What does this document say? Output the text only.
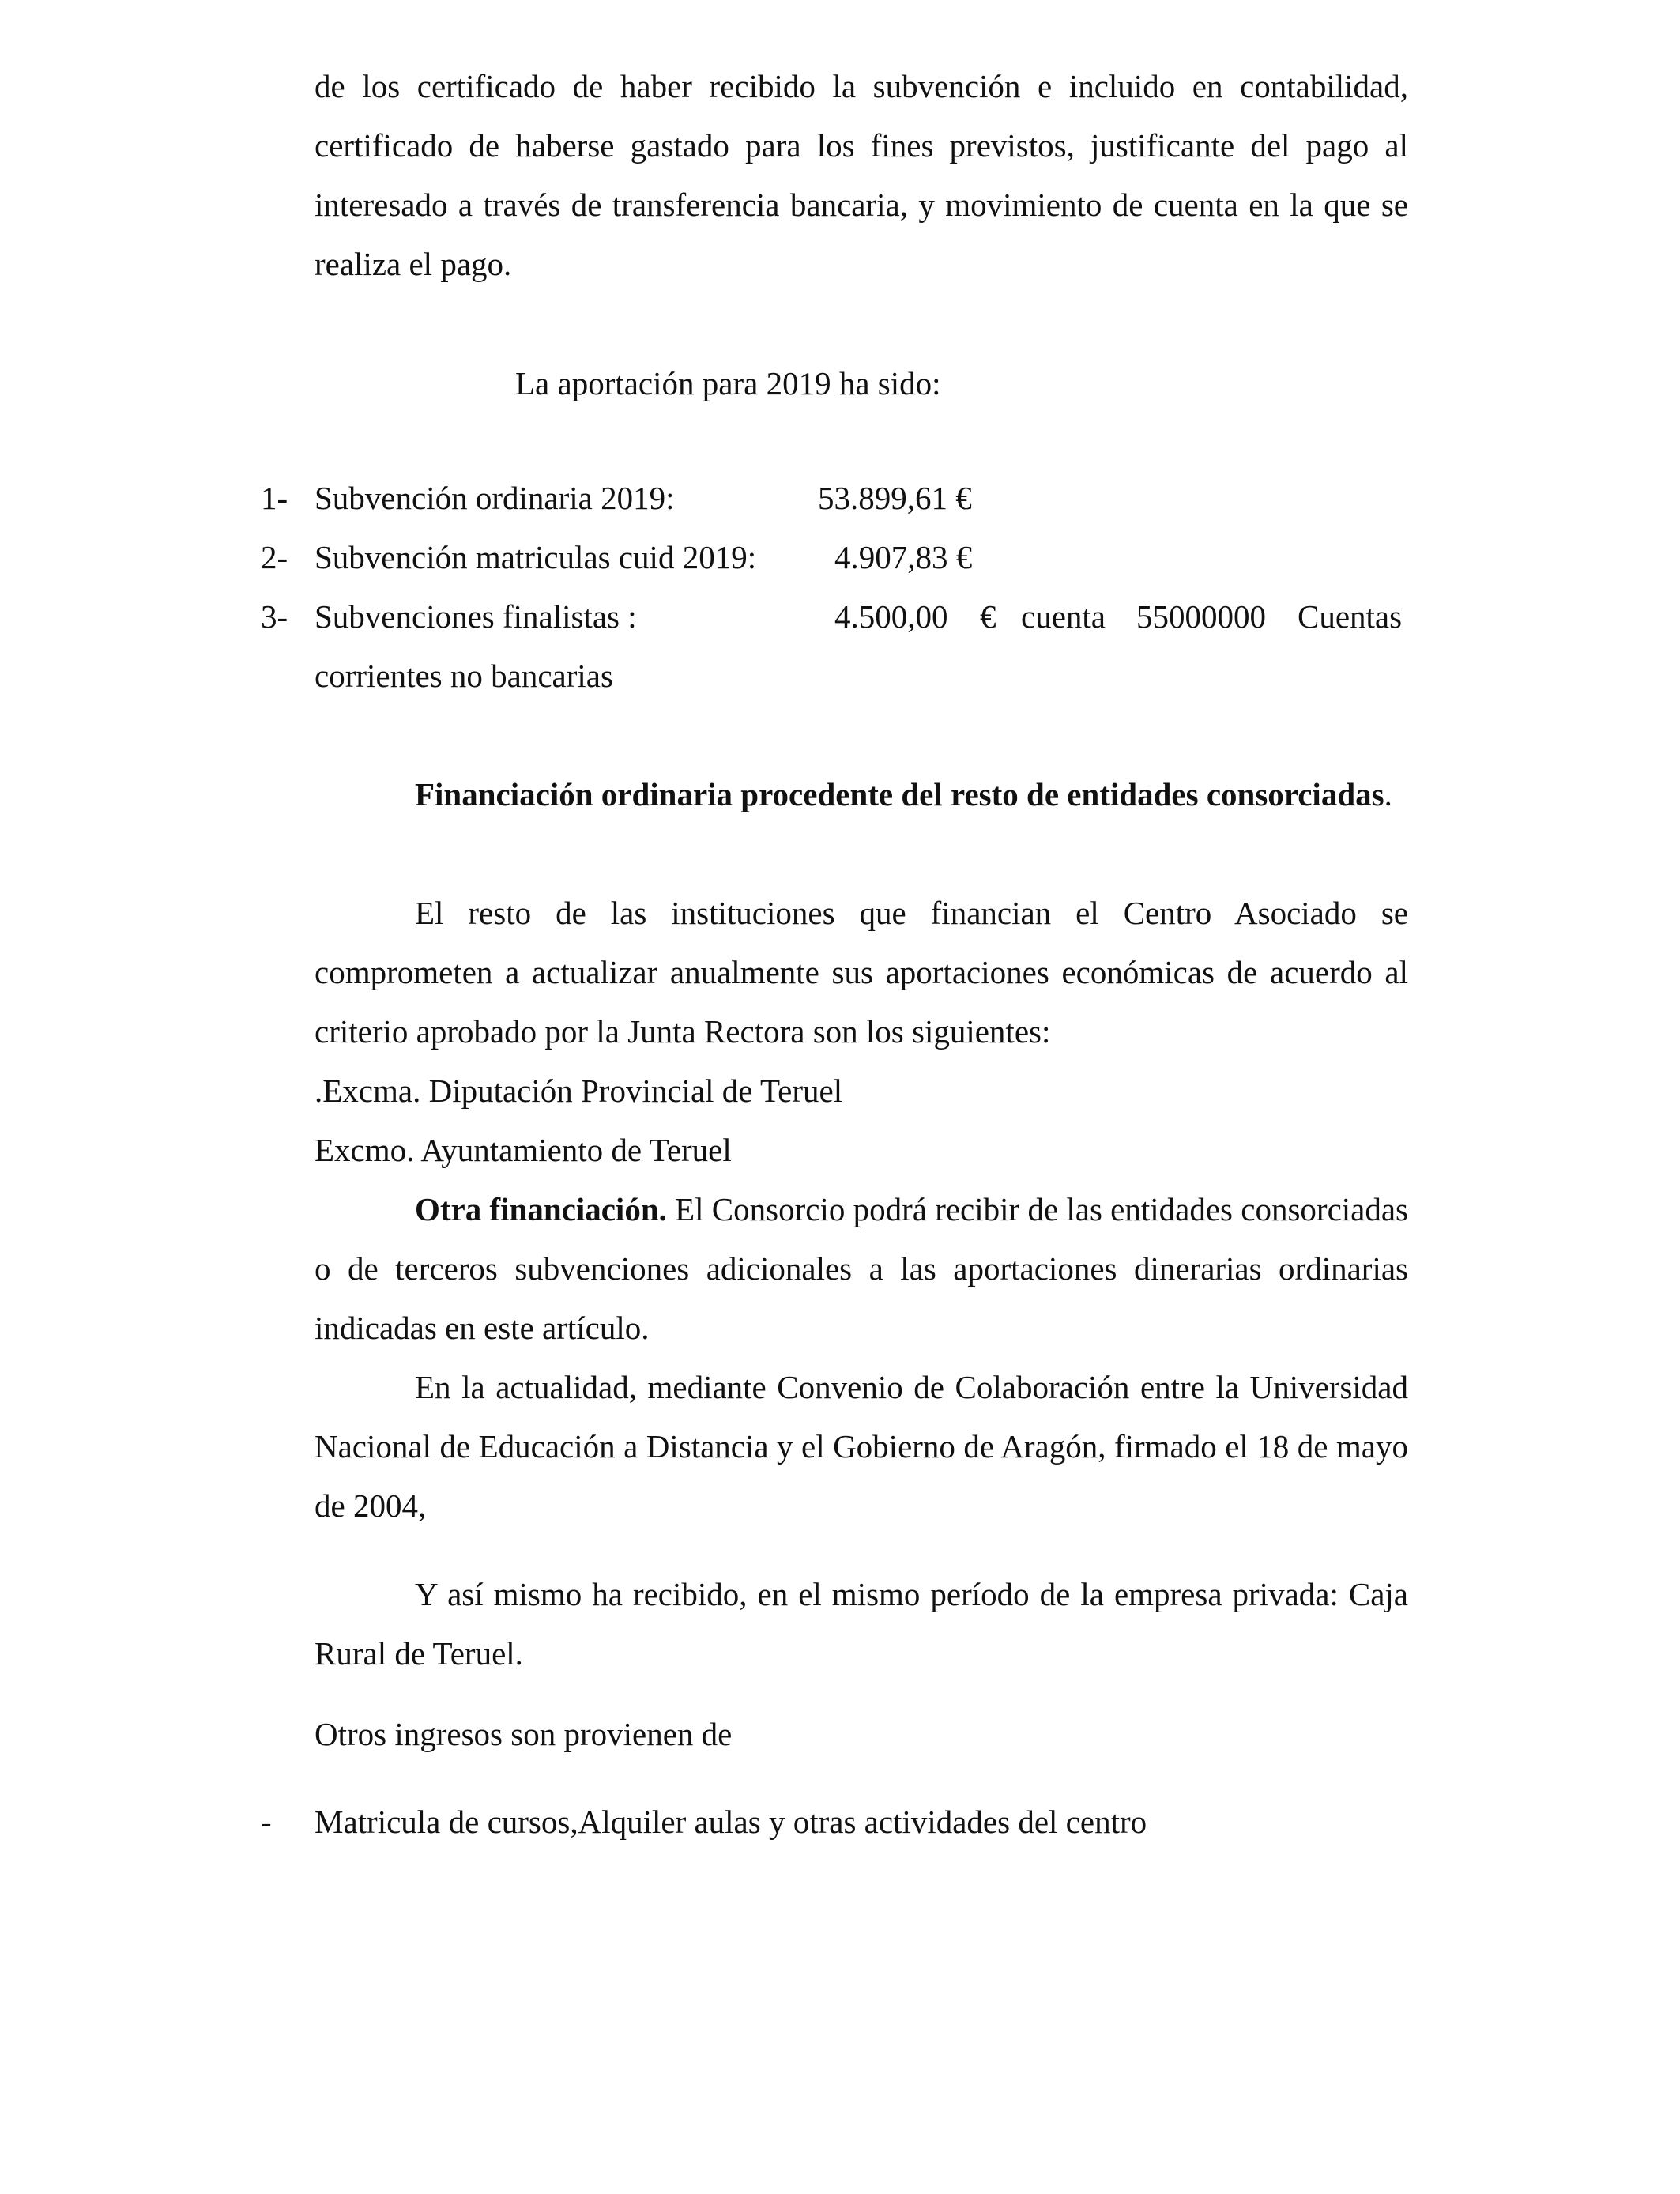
de los certificado de haber recibido la subvención e incluido en contabilidad, certificado de haberse gastado para los fines previstos, justificante del pago al interesado a través de transferencia bancaria, y movimiento de cuenta en la que se realiza el pago.

La aportación para 2019 ha sido:
1- Subvención ordinaria 2019:	53.899,61 €
2- Subvención matriculas cuid 2019: 4.907,83 €
3- Subvenciones finalistas :	4.500,00 € cuenta 55000000 Cuentas
corrientes no bancarias

Financiación ordinaria procedente del resto de entidades consorciadas.

El resto de las instituciones que financian el Centro Asociado se comprometen a actualizar anualmente sus aportaciones económicas de acuerdo al criterio aprobado por la Junta Rectora son los siguientes:

.Excma. Diputación Provincial de Teruel
Excmo. Ayuntamiento de Teruel

Otra financiación. El Consorcio podrá recibir de las entidades consorciadas o de terceros subvenciones adicionales a las aportaciones dinerarias ordinarias indicadas en este artículo.

En la actualidad, mediante Convenio de Colaboración entre la Universidad Nacional de Educación a Distancia y el Gobierno de Aragón, firmado el 18 de mayo de 2004,

Y así mismo ha recibido, en el mismo período de la empresa privada: Caja Rural de Teruel.

Otros ingresos son provienen de
- Matricula de cursos,Alquiler aulas y otras actividades del centro
